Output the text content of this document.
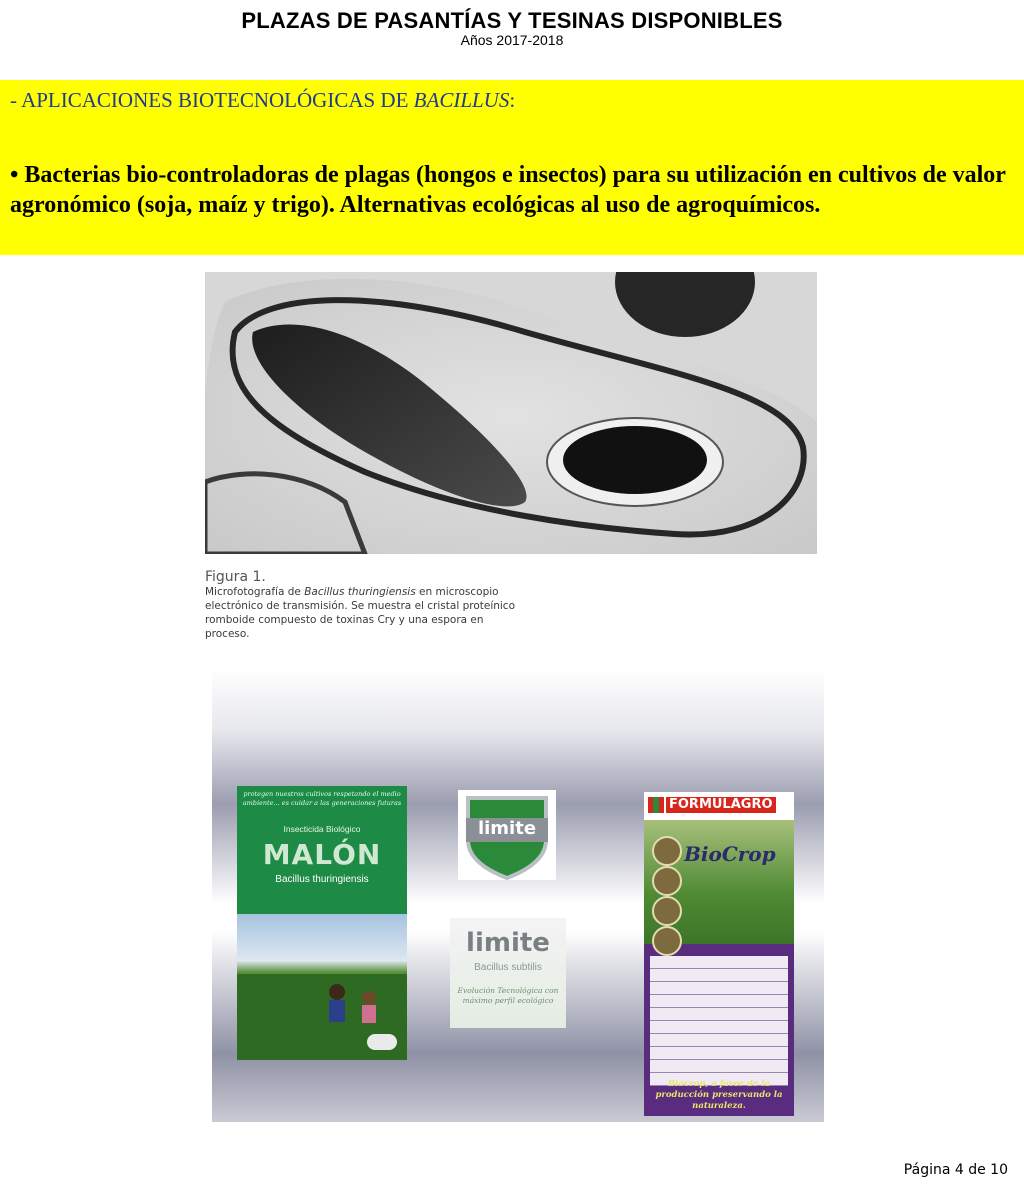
PLAZAS DE PASANTÍAS Y TESINAS DISPONIBLES
Años 2017-2018
- APLICACIONES BIOTECNOLÓGICAS DE BACILLUS:
• Bacterias bio-controladoras de plagas (hongos e insectos) para su utilización en cultivos de valor agronómico (soja, maíz y trigo). Alternativas ecológicas al uso de agroquímicos.
Figura 1.
Microfotografía de Bacillus thuringiensis en microscopio electrónico de transmisión. Se muestra el cristal proteínico romboide compuesto de toxinas Cry y una espora en proceso.
protegen nuestros cultivos respetando el medio ambiente... es cuidar a las generaciones futuras
Insecticida Biológico
MALÓN
Bacillus thuringiensis
limite
limite
Bacillus subtilis
Evolución Tecnológica con máximo perfil ecológico
FORMULAGRO
BioCrop
Biocrop, a favor de la producción preservando la naturaleza.
Página 4 de 10
